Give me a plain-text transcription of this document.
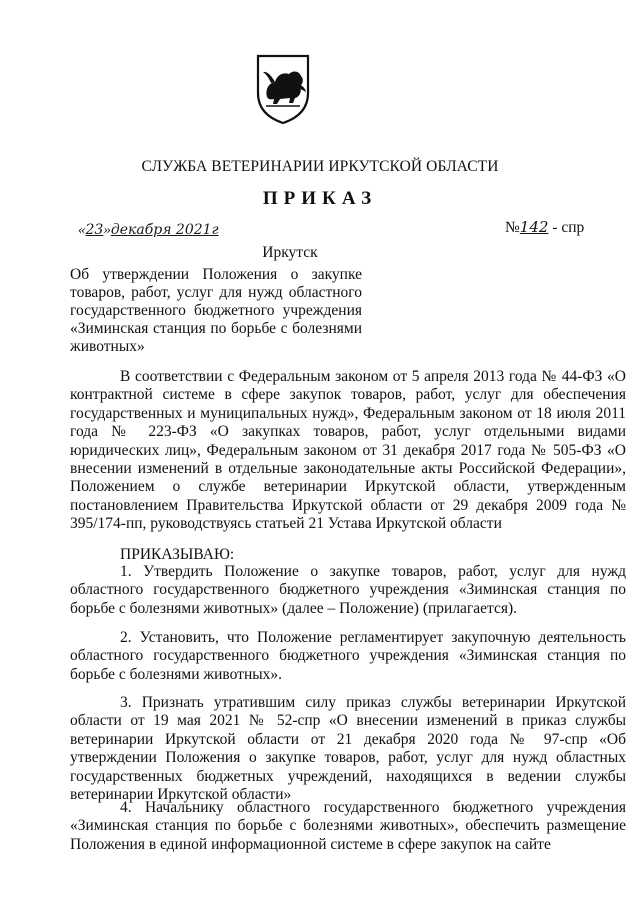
СЛУЖБА ВЕТЕРИНАРИИ ИРКУТСКОЙ ОБЛАСТИ
ПРИКАЗ
«23»декабря 2021г	№142 - спр
Иркутск
Об утверждении Положения о закупке товаров, работ, услуг для нужд областного государственного бюджетного учреждения «Зиминская станция по борьбе с болезнями животных»
В соответствии с Федеральным законом от 5 апреля 2013 года № 44-ФЗ «О контрактной системе в сфере закупок товаров, работ, услуг для обеспечения государственных и муниципальных нужд», Федеральным законом от 18 июля 2011 года № 223-ФЗ «О закупках товаров, работ, услуг отдельными видами юридических лиц», Федеральным законом от 31 декабря 2017 года № 505-ФЗ «О внесении изменений в отдельные законодательные акты Российской Федерации», Положением о службе ветеринарии Иркутской области, утвержденным постановлением Правительства Иркутской области от 29 декабря 2009 года № 395/174-пп, руководствуясь статьей 21 Устава Иркутской области
ПРИКАЗЫВАЮ:
1. Утвердить Положение о закупке товаров, работ, услуг для нужд областного государственного бюджетного учреждения «Зиминская станция по борьбе с болезнями животных» (далее – Положение) (прилагается).
2. Установить, что Положение регламентирует закупочную деятельность областного государственного бюджетного учреждения «Зиминская станция по борьбе с болезнями животных».
3. Признать утратившим силу приказ службы ветеринарии Иркутской области от 19 мая 2021 № 52-спр «О внесении изменений в приказ службы ветеринарии Иркутской области от 21 декабря 2020 года № 97-спр «Об утверждении Положения о закупке товаров, работ, услуг для нужд областных государственных бюджетных учреждений, находящихся в ведении службы ветеринарии Иркутской области»
4. Начальнику областного государственного бюджетного учреждения «Зиминская станция по борьбе с болезнями животных», обеспечить размещение Положения в единой информационной системе в сфере закупок на сайте
